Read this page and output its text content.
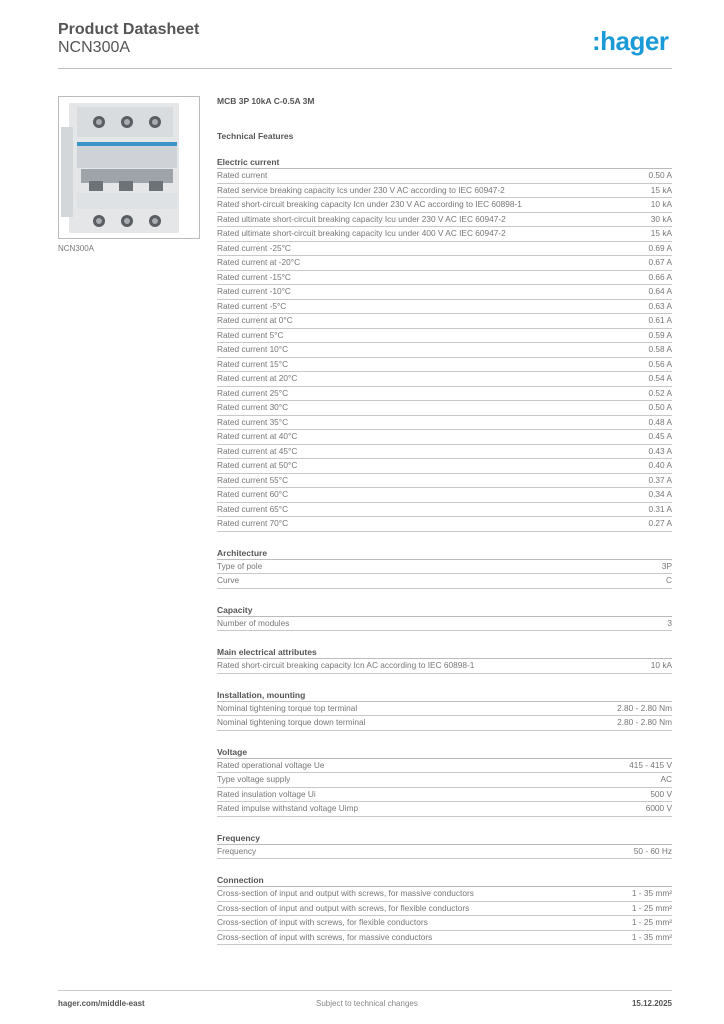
Product Datasheet
NCN300A	:hager
NCN300A
MCB 3P 10kA C-0.5A 3M
Technical Features
Electric current
Rated current	0.50 A
Rated service breaking capacity Ics under 230 V AC according to IEC 60947-2	15 kA
Rated short-circuit breaking capacity Icn under 230 V AC according to IEC 60898-1	10 kA
Rated ultimate short-circuit breaking capacity Icu under 230 V AC IEC 60947-2	30 kA
Rated ultimate short-circuit breaking capacity Icu under 400 V AC IEC 60947-2	15 kA
Rated current -25°C	0.69 A
Rated current at -20°C	0.67 A
Rated current -15°C	0.66 A
Rated current -10°C	0.64 A
Rated current -5°C	0.63 A
Rated current at 0°C	0.61 A
Rated current 5°C	0.59 A
Rated current 10°C	0.58 A
Rated current 15°C	0.56 A
Rated current at 20°C	0.54 A
Rated current 25°C	0.52 A
Rated current 30°C	0.50 A
Rated current 35°C	0.48 A
Rated current at 40°C	0.45 A
Rated current at 45°C	0.43 A
Rated current at 50°C	0.40 A
Rated current 55°C	0.37 A
Rated current 60°C	0.34 A
Rated current 65°C	0.31 A
Rated current 70°C	0.27 A
Architecture
Type of pole	3P
Curve	C
Capacity
Number of modules	3
Main electrical attributes
Rated short-circuit breaking capacity Icn AC according to IEC 60898-1	10 kA
Installation, mounting
Nominal tightening torque top terminal	2.80 - 2.80 Nm
Nominal tightening torque down terminal	2.80 - 2.80 Nm
Voltage
Rated operational voltage Ue	415 - 415 V
Type voltage supply	AC
Rated insulation voltage Ui	500 V
Rated impulse withstand voltage Uimp	6000 V
Frequency
Frequency	50 - 60 Hz
Connection
Cross-section of input and output with screws, for massive conductors	1 - 35 mm²
Cross-section of input and output with screws, for flexible conductors	1 - 25 mm²
Cross-section of input with screws, for flexible conductors	1 - 25 mm²
Cross-section of input with screws, for massive conductors	1 - 35 mm²
hager.com/middle-east	Subject to technical changes	15.12.2025
